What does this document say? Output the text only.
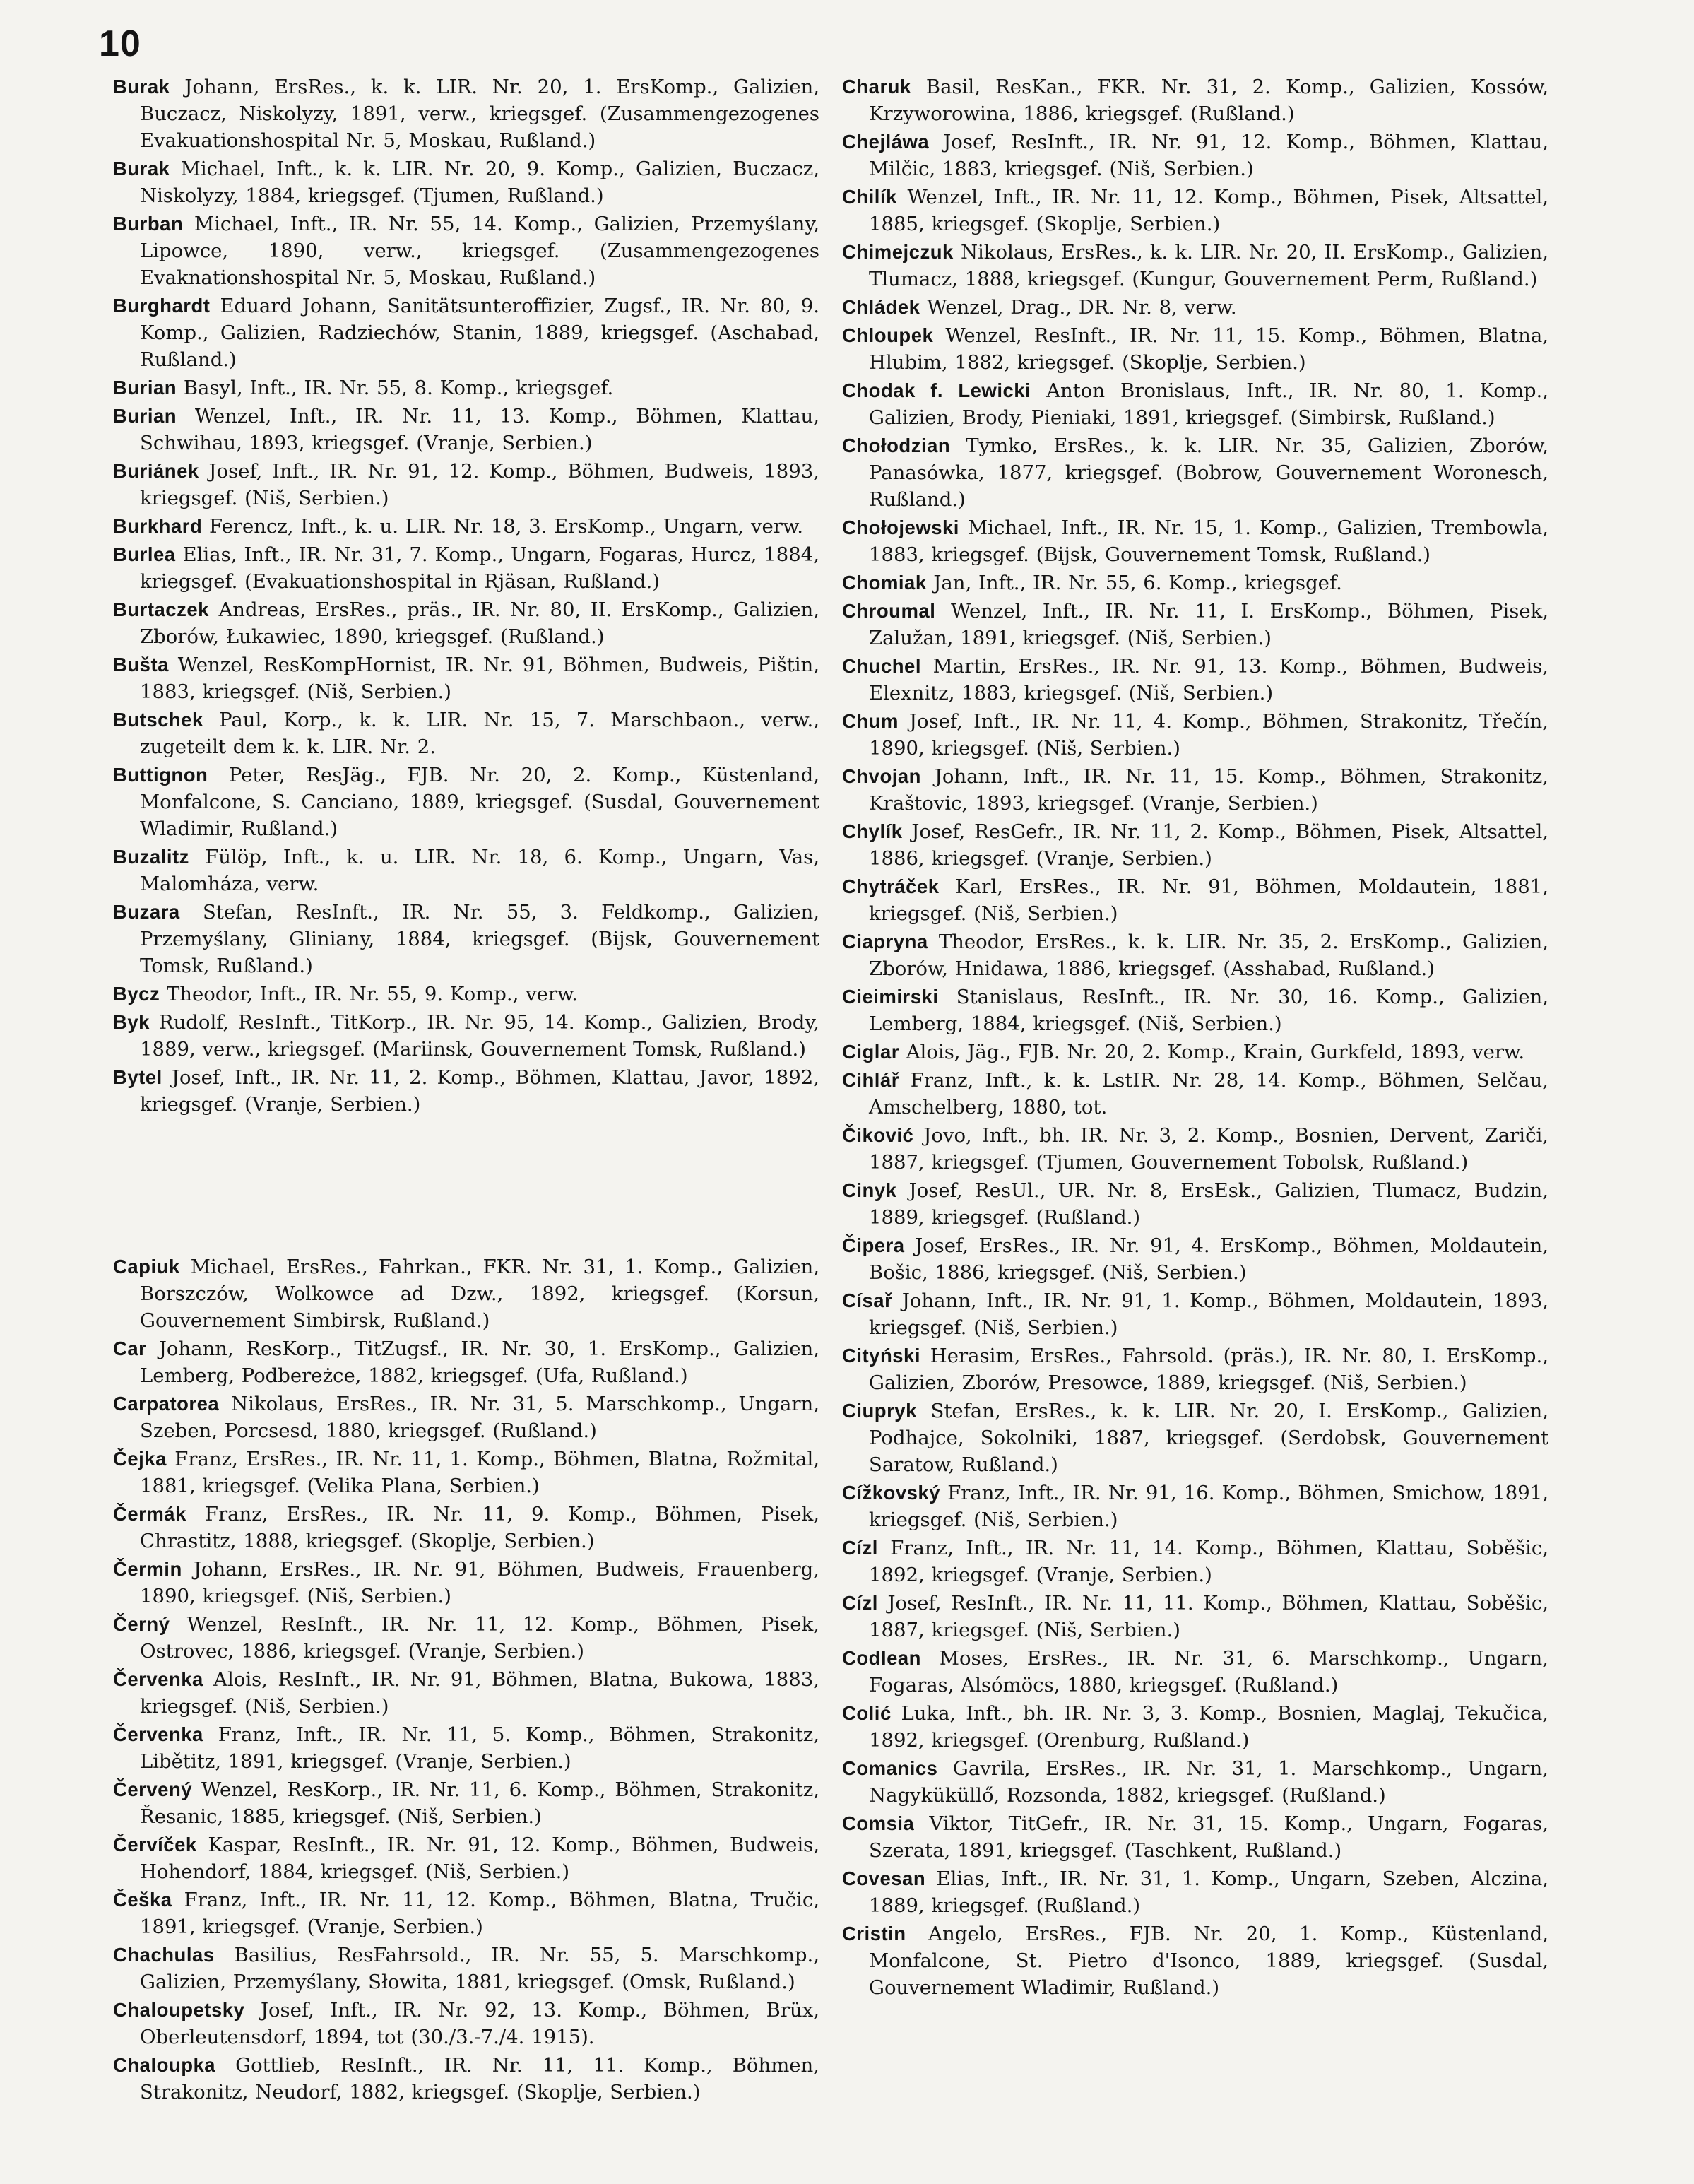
10

Burak Johann, ErsRes., k. k. LIR. Nr. 20, 1. ErsKomp., Galizien, Buczacz, Niskolyzy, 1891, verw., kriegsgef. (Zusammengezogenes Evakuationshospital Nr. 5, Moskau, Rußland.)

Burak Michael, Inft., k. k. LIR. Nr. 20, 9. Komp., Galizien, Buczacz, Niskolyzy, 1884, kriegsgef. (Tjumen, Rußland.)

Burban Michael, Inft., IR. Nr. 55, 14. Komp., Galizien, Przemyślany, Lipowce, 1890, verw., kriegsgef. (Zusammengezogenes Evaknationshospital Nr. 5, Moskau, Rußland.)

Burghardt Eduard Johann, Sanitätsunteroffizier, Zugsf., IR. Nr. 80, 9. Komp., Galizien, Radziechów, Stanin, 1889, kriegsgef. (Aschabad, Rußland.)

Burian Basyl, Inft., IR. Nr. 55, 8. Komp., kriegsgef.

Burian Wenzel, Inft., IR. Nr. 11, 13. Komp., Böhmen, Klattau, Schwihau, 1893, kriegsgef. (Vranje, Serbien.)

Buriánek Josef, Inft., IR. Nr. 91, 12. Komp., Böhmen, Budweis, 1893, kriegsgef. (Niš, Serbien.)

Burkhard Ferencz, Inft., k. u. LIR. Nr. 18, 3. ErsKomp., Ungarn, verw.

Burlea Elias, Inft., IR. Nr. 31, 7. Komp., Ungarn, Fogaras, Hurcz, 1884, kriegsgef. (Evakuationshospital in Rjäsan, Rußland.)

Burtaczek Andreas, ErsRes., präs., IR. Nr. 80, II. ErsKomp., Galizien, Zborów, Łukawiec, 1890, kriegsgef. (Rußland.)

Bušta Wenzel, ResKompHornist, IR. Nr. 91, Böhmen, Budweis, Pištin, 1883, kriegsgef. (Niš, Serbien.)

Butschek Paul, Korp., k. k. LIR. Nr. 15, 7. Marschbaon., verw., zugeteilt dem k. k. LIR. Nr. 2.

Buttignon Peter, ResJäg., FJB. Nr. 20, 2. Komp., Küstenland, Monfalcone, S. Canciano, 1889, kriegsgef. (Susdal, Gouvernement Wladimir, Rußland.)

Buzalitz Fülöp, Inft., k. u. LIR. Nr. 18, 6. Komp., Ungarn, Vas, Malomháza, verw.

Buzara Stefan, ResInft., IR. Nr. 55, 3. Feldkomp., Galizien, Przemyślany, Gliniany, 1884, kriegsgef. (Bijsk, Gouvernement Tomsk, Rußland.)

Bycz Theodor, Inft., IR. Nr. 55, 9. Komp., verw.

Byk Rudolf, ResInft., TitKorp., IR. Nr. 95, 14. Komp., Galizien, Brody, 1889, verw., kriegsgef. (Mariinsk, Gouvernement Tomsk, Rußland.)

Bytel Josef, Inft., IR. Nr. 11, 2. Komp., Böhmen, Klattau, Javor, 1892, kriegsgef. (Vranje, Serbien.)

Capiuk Michael, ErsRes., Fahrkan., FKR. Nr. 31, 1. Komp., Galizien, Borszczów, Wolkowce ad Dzw., 1892, kriegsgef. (Korsun, Gouvernement Simbirsk, Rußland.)

Car Johann, ResKorp., TitZugsf., IR. Nr. 30, 1. ErsKomp., Galizien, Lemberg, Podbereżce, 1882, kriegsgef. (Ufa, Rußland.)

Carpatorea Nikolaus, ErsRes., IR. Nr. 31, 5. Marschkomp., Ungarn, Szeben, Porcsesd, 1880, kriegsgef. (Rußland.)

Čejka Franz, ErsRes., IR. Nr. 11, 1. Komp., Böhmen, Blatna, Rožmital, 1881, kriegsgef. (Velika Plana, Serbien.)

Čermák Franz, ErsRes., IR. Nr. 11, 9. Komp., Böhmen, Pisek, Chrastitz, 1888, kriegsgef. (Skoplje, Serbien.)

Čermin Johann, ErsRes., IR. Nr. 91, Böhmen, Budweis, Frauenberg, 1890, kriegsgef. (Niš, Serbien.)

Černý Wenzel, ResInft., IR. Nr. 11, 12. Komp., Böhmen, Pisek, Ostrovec, 1886, kriegsgef. (Vranje, Serbien.)

Červenka Alois, ResInft., IR. Nr. 91, Böhmen, Blatna, Bukowa, 1883, kriegsgef. (Niš, Serbien.)

Červenka Franz, Inft., IR. Nr. 11, 5. Komp., Böhmen, Strakonitz, Libětitz, 1891, kriegsgef. (Vranje, Serbien.)

Červený Wenzel, ResKorp., IR. Nr. 11, 6. Komp., Böhmen, Strakonitz, Řesanic, 1885, kriegsgef. (Niš, Serbien.)

Červíček Kaspar, ResInft., IR. Nr. 91, 12. Komp., Böhmen, Budweis, Hohendorf, 1884, kriegsgef. (Niš, Serbien.)

Češka Franz, Inft., IR. Nr. 11, 12. Komp., Böhmen, Blatna, Tručic, 1891, kriegsgef. (Vranje, Serbien.)

Chachulas Basilius, ResFahrsold., IR. Nr. 55, 5. Marschkomp., Galizien, Przemyślany, Słowita, 1881, kriegsgef. (Omsk, Rußland.)

Chaloupetsky Josef, Inft., IR. Nr. 92, 13. Komp., Böhmen, Brüx, Oberleutensdorf, 1894, tot (30./3.-7./4. 1915).

Chaloupka Gottlieb, ResInft., IR. Nr. 11, 11. Komp., Böhmen, Strakonitz, Neudorf, 1882, kriegsgef. (Skoplje, Serbien.)

Charuk Basil, ResKan., FKR. Nr. 31, 2. Komp., Galizien, Kossów, Krzyworowina, 1886, kriegsgef. (Rußland.)

Chejláwa Josef, ResInft., IR. Nr. 91, 12. Komp., Böhmen, Klattau, Milčic, 1883, kriegsgef. (Niš, Serbien.)

Chilík Wenzel, Inft., IR. Nr. 11, 12. Komp., Böhmen, Pisek, Altsattel, 1885, kriegsgef. (Skoplje, Serbien.)

Chimejczuk Nikolaus, ErsRes., k. k. LIR. Nr. 20, II. ErsKomp., Galizien, Tlumacz, 1888, kriegsgef. (Kungur, Gouvernement Perm, Rußland.)

Chládek Wenzel, Drag., DR. Nr. 8, verw.

Chloupek Wenzel, ResInft., IR. Nr. 11, 15. Komp., Böhmen, Blatna, Hlubim, 1882, kriegsgef. (Skoplje, Serbien.)

Chodak f. Lewicki Anton Bronislaus, Inft., IR. Nr. 80, 1. Komp., Galizien, Brody, Pieniaki, 1891, kriegsgef. (Simbirsk, Rußland.)

Chołodzian Tymko, ErsRes., k. k. LIR. Nr. 35, Galizien, Zborów, Panasówka, 1877, kriegsgef. (Bobrow, Gouvernement Woronesch, Rußland.)

Chołojewski Michael, Inft., IR. Nr. 15, 1. Komp., Galizien, Trembowla, 1883, kriegsgef. (Bijsk, Gouvernement Tomsk, Rußland.)

Chomiak Jan, Inft., IR. Nr. 55, 6. Komp., kriegsgef.

Chroumal Wenzel, Inft., IR. Nr. 11, I. ErsKomp., Böhmen, Pisek, Zalužan, 1891, kriegsgef. (Niš, Serbien.)

Chuchel Martin, ErsRes., IR. Nr. 91, 13. Komp., Böhmen, Budweis, Elexnitz, 1883, kriegsgef. (Niš, Serbien.)

Chum Josef, Inft., IR. Nr. 11, 4. Komp., Böhmen, Strakonitz, Třečín, 1890, kriegsgef. (Niš, Serbien.)

Chvojan Johann, Inft., IR. Nr. 11, 15. Komp., Böhmen, Strakonitz, Kraštovic, 1893, kriegsgef. (Vranje, Serbien.)

Chylík Josef, ResGefr., IR. Nr. 11, 2. Komp., Böhmen, Pisek, Altsattel, 1886, kriegsgef. (Vranje, Serbien.)

Chytráček Karl, ErsRes., IR. Nr. 91, Böhmen, Moldautein, 1881, kriegsgef. (Niš, Serbien.)

Ciapryna Theodor, ErsRes., k. k. LIR. Nr. 35, 2. ErsKomp., Galizien, Zborów, Hnidawa, 1886, kriegsgef. (Asshabad, Rußland.)

Cieimirski Stanislaus, ResInft., IR. Nr. 30, 16. Komp., Galizien, Lemberg, 1884, kriegsgef. (Niš, Serbien.)

Ciglar Alois, Jäg., FJB. Nr. 20, 2. Komp., Krain, Gurkfeld, 1893, verw.

Cihlář Franz, Inft., k. k. LstIR. Nr. 28, 14. Komp., Böhmen, Selčau, Amschelberg, 1880, tot.

Čiković Jovo, Inft., bh. IR. Nr. 3, 2. Komp., Bosnien, Dervent, Zariči, 1887, kriegsgef. (Tjumen, Gouvernement Tobolsk, Rußland.)

Cinyk Josef, ResUl., UR. Nr. 8, ErsEsk., Galizien, Tlumacz, Budzin, 1889, kriegsgef. (Rußland.)

Čipera Josef, ErsRes., IR. Nr. 91, 4. ErsKomp., Böhmen, Moldautein, Bošic, 1886, kriegsgef. (Niš, Serbien.)

Císař Johann, Inft., IR. Nr. 91, 1. Komp., Böhmen, Moldautein, 1893, kriegsgef. (Niš, Serbien.)

Cityński Herasim, ErsRes., Fahrsold. (präs.), IR. Nr. 80, I. ErsKomp., Galizien, Zborów, Presowce, 1889, kriegsgef. (Niš, Serbien.)

Ciupryk Stefan, ErsRes., k. k. LIR. Nr. 20, I. ErsKomp., Galizien, Podhajce, Sokolniki, 1887, kriegsgef. (Serdobsk, Gouvernement Saratow, Rußland.)

Cížkovský Franz, Inft., IR. Nr. 91, 16. Komp., Böhmen, Smichow, 1891, kriegsgef. (Niš, Serbien.)

Cízl Franz, Inft., IR. Nr. 11, 14. Komp., Böhmen, Klattau, Soběšic, 1892, kriegsgef. (Vranje, Serbien.)

Cízl Josef, ResInft., IR. Nr. 11, 11. Komp., Böhmen, Klattau, Soběšic, 1887, kriegsgef. (Niš, Serbien.)

Codlean Moses, ErsRes., IR. Nr. 31, 6. Marschkomp., Ungarn, Fogaras, Alsómöcs, 1880, kriegsgef. (Rußland.)

Colić Luka, Inft., bh. IR. Nr. 3, 3. Komp., Bosnien, Maglaj, Tekučica, 1892, kriegsgef. (Orenburg, Rußland.)

Comanics Gavrila, ErsRes., IR. Nr. 31, 1. Marschkomp., Ungarn, Nagyküküllő, Rozsonda, 1882, kriegsgef. (Rußland.)

Comsia Viktor, TitGefr., IR. Nr. 31, 15. Komp., Ungarn, Fogaras, Szerata, 1891, kriegsgef. (Taschkent, Rußland.)

Covesan Elias, Inft., IR. Nr. 31, 1. Komp., Ungarn, Szeben, Alczina, 1889, kriegsgef. (Rußland.)

Cristin Angelo, ErsRes., FJB. Nr. 20, 1. Komp., Küstenland, Monfalcone, St. Pietro d'Isonco, 1889, kriegsgef. (Susdal, Gouvernement Wladimir, Rußland.)
